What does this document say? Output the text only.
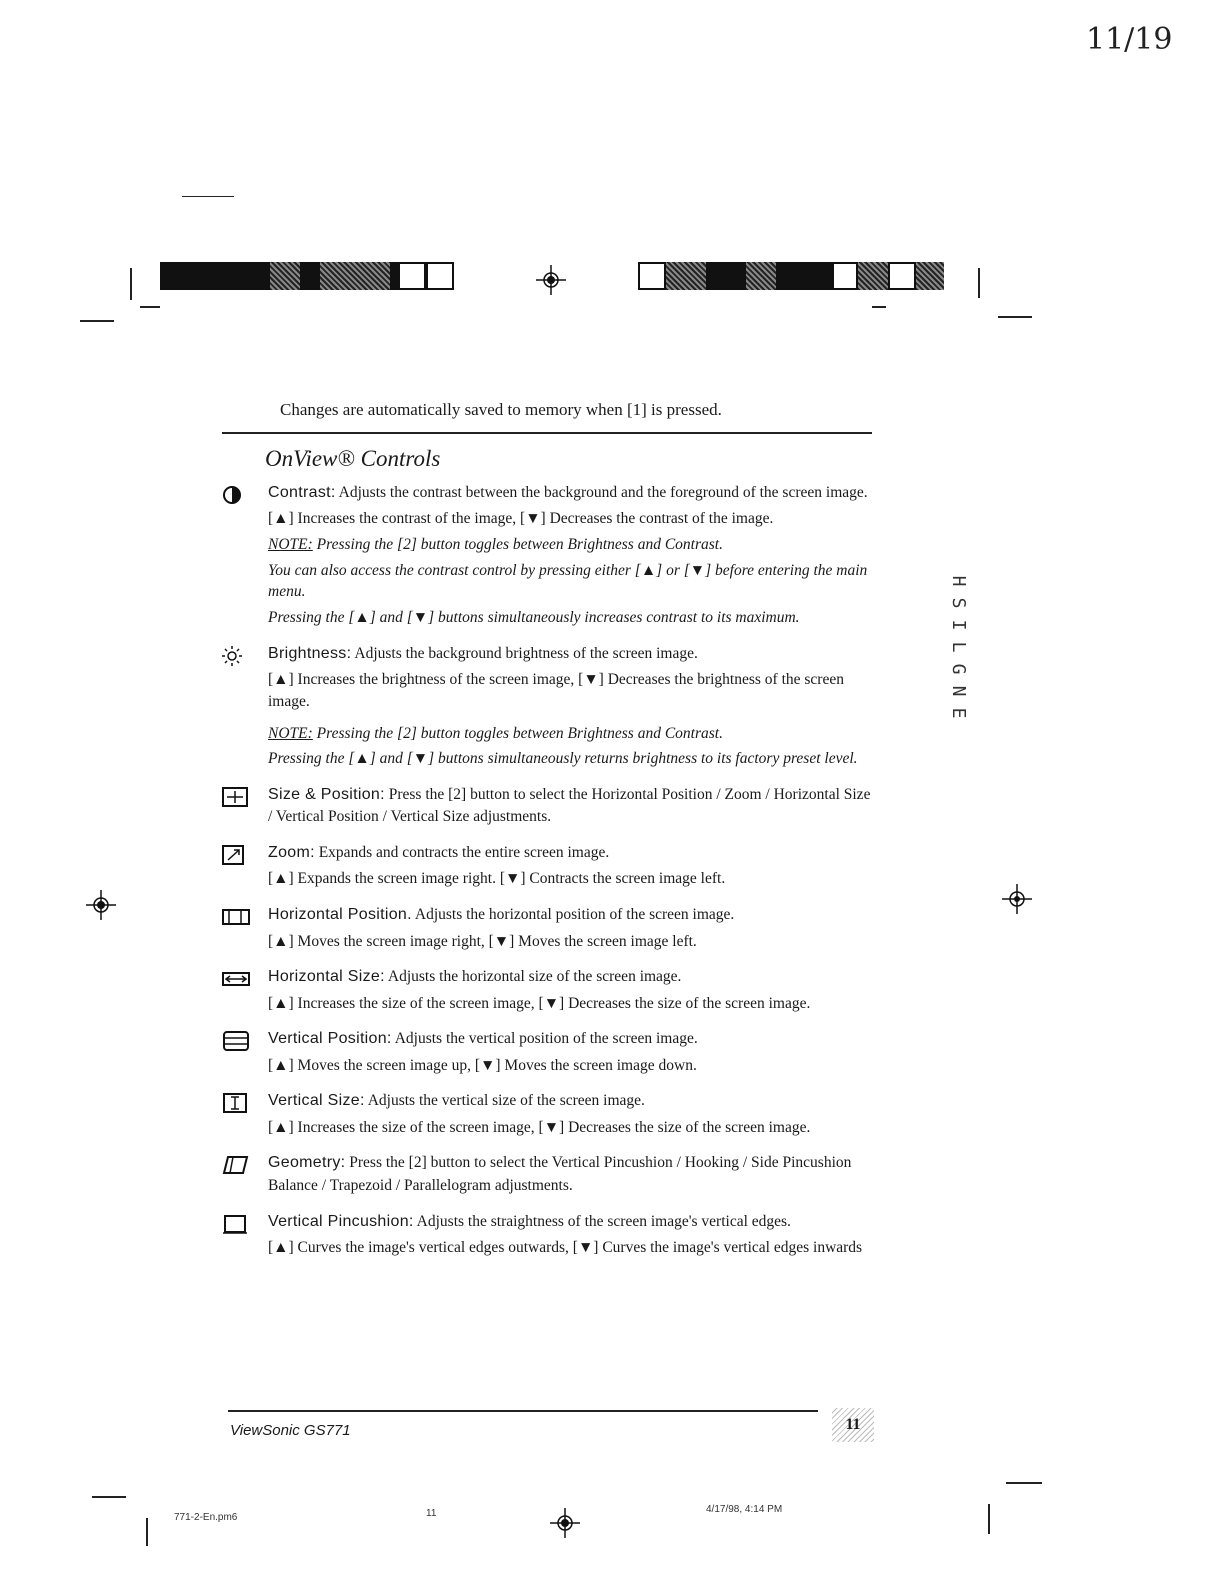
11/19
Changes are automatically saved to memory when [1] is pressed.
OnView® Controls

Contrast: Adjusts the contrast between the background and the foreground of the screen image.

[▲] Increases the contrast of the image, [▼] Decreases the contrast of the image.

NOTE: Pressing the [2] button toggles between Brightness and Contrast.

You can also access the contrast control by pressing either [▲] or [▼] before entering the main menu.

Pressing the [▲] and [▼] buttons simultaneously increases contrast to its maximum.

Brightness: Adjusts the background brightness of the screen image.

[▲] Increases the brightness of the screen image, [▼] Decreases the brightness of the screen image.

NOTE: Pressing the [2] button toggles between Brightness and Contrast.

Pressing the [▲] and [▼] buttons simultaneously returns brightness to its factory preset level.

Size & Position: Press the [2] button to select the Horizontal Position / Zoom / Horizontal Size / Vertical Position / Vertical Size adjustments.

Zoom: Expands and contracts the entire screen image.

[▲] Expands the screen image right. [▼] Contracts the screen image left.

Horizontal Position. Adjusts the horizontal position of the screen image.

[▲] Moves the screen image right, [▼] Moves the screen image left.

Horizontal Size: Adjusts the horizontal size of the screen image.

[▲] Increases the size of the screen image, [▼] Decreases the size of the screen image.

Vertical Position: Adjusts the vertical position of the screen image.

[▲] Moves the screen image up, [▼] Moves the screen image down.

Vertical Size: Adjusts the vertical size of the screen image.

[▲] Increases the size of the screen image, [▼] Decreases the size of the screen image.

Geometry: Press the [2] button to select the Vertical Pincushion / Hooking / Side Pincushion Balance / Trapezoid / Parallelogram adjustments.

Vertical Pincushion: Adjusts the straightness of the screen image's vertical edges.

[▲] Curves the image's vertical edges outwards, [▼] Curves the image's vertical edges inwards

H
S
I
L
G
N
E
ViewSonic GS771	11
771-2-En.pm6	11	4/17/98, 4:14 PM
